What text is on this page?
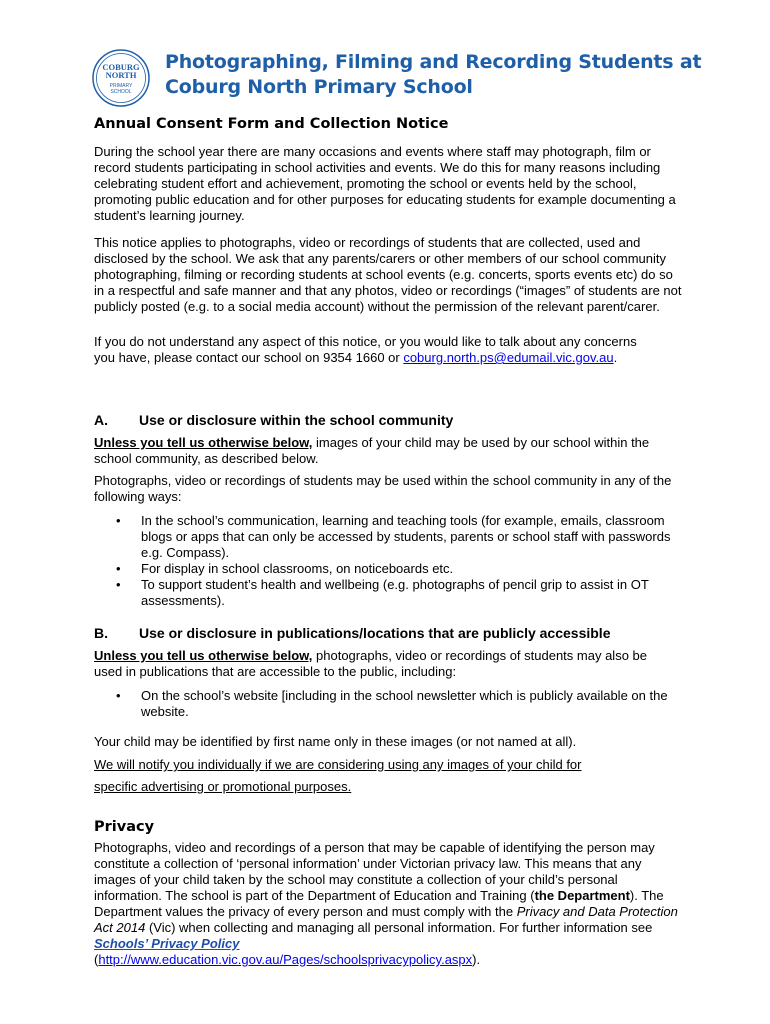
COBURG
NORTH
PRIMARY
SCHOOL
Photographing, Filming and Recording Students at Coburg North Primary School
Annual Consent Form and Collection Notice

During the school year there are many occasions and events where staff may photograph, film or record students participating in school activities and events. We do this for many reasons including celebrating student effort and achievement, promoting the school or events held by the school, promoting public education and for other purposes for educating students for example documenting a student’s learning journey.

This notice applies to photographs, video or recordings of students that are collected, used and disclosed by the school. We ask that any parents/carers or other members of our school community photographing, filming or recording students at school events (e.g. concerts, sports events etc) do so in a respectful and safe manner and that any photos, video or recordings (“images” of students are not publicly posted (e.g. to a social media account) without the permission of the relevant parent/carer.

If you do not understand any aspect of this notice, or you would like to talk about any concerns you have, please contact our school on 9354 1660 or coburg.north.ps@edumail.vic.gov.au.

A. Use or disclosure within the school community

Unless you tell us otherwise below, images of your child may be used by our school within the school community, as described below.

Photographs, video or recordings of students may be used within the school community in any of the following ways:

• In the school’s communication, learning and teaching tools (for example, emails, classroom blogs or apps that can only be accessed by students, parents or school staff with passwords e.g. Compass).
• For display in school classrooms, on noticeboards etc.
• To support student’s health and wellbeing (e.g. photographs of pencil grip to assist in OT assessments).
B. Use or disclosure in publications/locations that are publicly accessible

Unless you tell us otherwise below, photographs, video or recordings of students may also be used in publications that are accessible to the public, including:

• On the school’s website [including in the school newsletter which is publicly available on the website.

Your child may be identified by first name only in these images (or not named at all).

We will notify you individually if we are considering using any images of your child for
specific advertising or promotional purposes.
Privacy

Photographs, video and recordings of a person that may be capable of identifying the person may constitute a collection of ‘personal information’ under Victorian privacy law. This means that any images of your child taken by the school may constitute a collection of your child’s personal information. The school is part of the Department of Education and Training (the Department). The Department values the privacy of every person and must comply with the Privacy and Data Protection Act 2014 (Vic) when collecting and managing all personal information. For further information see Schools’ Privacy Policy
(http://www.education.vic.gov.au/Pages/schoolsprivacypolicy.aspx).
